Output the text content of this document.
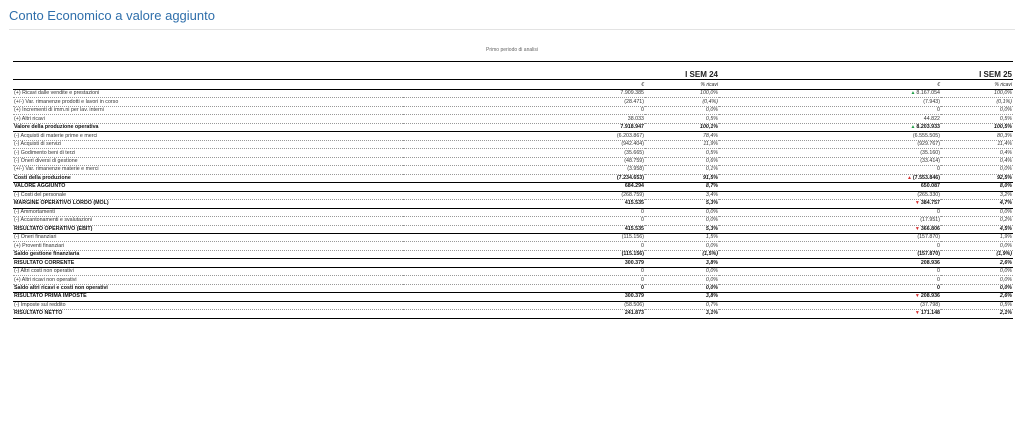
Conto Economico a valore aggiunto
Primo periodo di analisi
	I SEM 24		I SEM 25	
	€	% ricavi	€	% ricavi
(+) Ricavi dalle vendite e prestazioni	7.909.385	100,0%	▲8.167.054	100,0%
(+/-) Var. rimanenze prodotti e lavori in corso	(28.471)	(0,4%)	(7.943)	(0,1%)
(+) Incrementi di imm.ni per lav. interni	0	0,0%	0	0,0%
(+) Altri ricavi	38.033	0,5%	44.822	0,5%
Valore della produzione operativa	7.918.947	100,1%	▲8.203.933	100,5%
(-) Acquisti di materie prime e merci	(6.203.867)	78,4%	(6.555.505)	80,3%
(-) Acquisti di servizi	(942.404)	11,9%	(929.767)	11,4%
(-) Godimento beni di terzi	(35.665)	0,5%	(35.160)	0,4%
(-) Oneri diversi di gestione	(48.759)	0,6%	(33.414)	0,4%
(+/-) Var. rimanenze materie e merci	(3.958)	0,1%	0	0,0%
Costi della produzione	(7.234.653)	91,5%	▲(7.553.846)	92,5%
VALORE AGGIUNTO	684.294	8,7%	650.087	8,0%
(-) Costi del personale	(268.759)	3,4%	(265.330)	3,2%
MARGINE OPERATIVO LORDO (MOL)	415.535	5,3%	▼384.757	4,7%
(-) Ammortamenti	0	0,0%	0	0,0%
(-) Accantonamenti e svalutazioni	0	0,0%	(17.951)	0,2%
RISULTATO OPERATIVO (EBIT)	415.535	5,3%	▼366.806	4,5%
(-) Oneri finanziari	(115.156)	1,5%	(157.870)	1,9%
(+) Proventi finanziari	0	0,0%	0	0,0%
Saldo gestione finanziaria	(115.156)	(1,5%)	(157.870)	(1,9%)
RISULTATO CORRENTE	300.379	3,8%	208.936	2,6%
(-) Altri costi non operativi	0	0,0%	0	0,0%
(+) Altri ricavi non operativi	0	0,0%	0	0,0%
Saldo altri ricavi e costi non operativi	0	0,0%	0	0,0%
RISULTATO PRIMA IMPOSTE	300.379	3,8%	▼208.936	2,6%
(-) Imposte sul reddito	(58.506)	0,7%	(37.798)	0,5%
RISULTATO NETTO	241.873	3,1%	▼171.148	2,1%
